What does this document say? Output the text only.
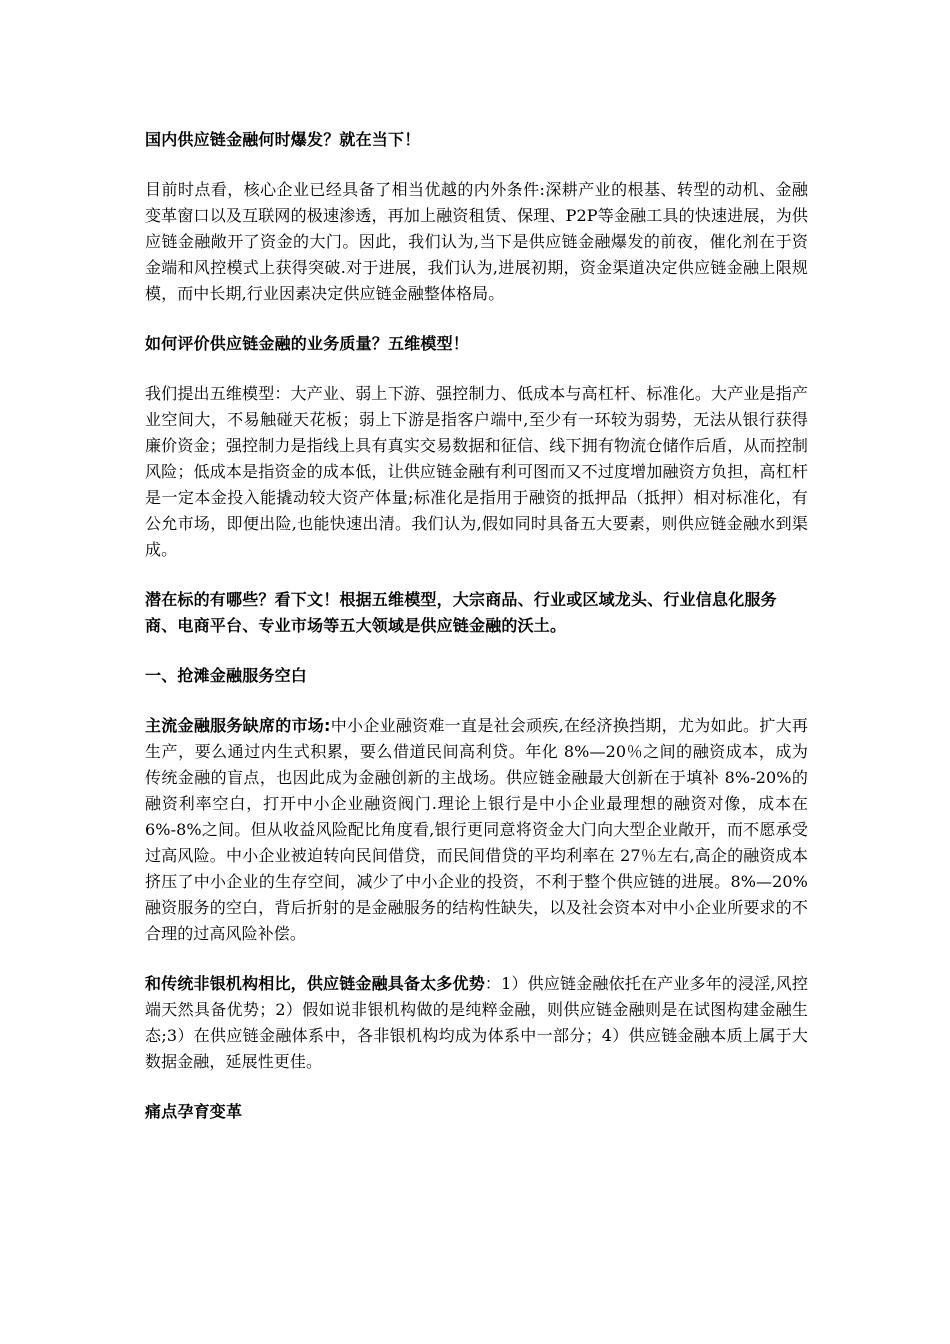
国内供应链金融何时爆发？就在当下！

目前时点看，核心企业已经具备了相当优越的内外条件:深耕产业的根基、转型的动机、金融变革窗口以及互联网的极速渗透，再加上融资租赁、保理、P2P等金融工具的快速进展，为供应链金融敞开了资金的大门。因此，我们认为,当下是供应链金融爆发的前夜，催化剂在于资金端和风控模式上获得突破.对于进展，我们认为,进展初期，资金渠道决定供应链金融上限规模，而中长期,行业因素决定供应链金融整体格局。

如何评价供应链金融的业务质量？五维模型！

我们提出五维模型：大产业、弱上下游、强控制力、低成本与高杠杆、标准化。大产业是指产业空间大，不易触碰天花板；弱上下游是指客户端中,至少有一环较为弱势，无法从银行获得廉价资金；强控制力是指线上具有真实交易数据和征信、线下拥有物流仓储作后盾，从而控制风险；低成本是指资金的成本低，让供应链金融有利可图而又不过度增加融资方负担，高杠杆是一定本金投入能撬动较大资产体量;标准化是指用于融资的抵押品（抵押）相对标准化，有公允市场，即便出险,也能快速出清。我们认为,假如同时具备五大要素，则供应链金融水到渠成。

潜在标的有哪些？看下文！根据五维模型，大宗商品、行业或区域龙头、行业信息化服务商、电商平台、专业市场等五大领域是供应链金融的沃土。

一、抢滩金融服务空白

主流金融服务缺席的市场:中小企业融资难一直是社会顽疾,在经济换挡期，尤为如此。扩大再生产，要么通过内生式积累，要么借道民间高利贷。年化 8%—20％之间的融资成本，成为传统金融的盲点，也因此成为金融创新的主战场。供应链金融最大创新在于填补 8%-20%的融资利率空白，打开中小企业融资阀门.理论上银行是中小企业最理想的融资对像，成本在 6%-8%之间。但从收益风险配比角度看,银行更同意将资金大门向大型企业敞开，而不愿承受过高风险。中小企业被迫转向民间借贷，而民间借贷的平均利率在 27％左右,高企的融资成本挤压了中小企业的生存空间，减少了中小企业的投资，不利于整个供应链的进展。8%—20%融资服务的空白，背后折射的是金融服务的结构性缺失，以及社会资本对中小企业所要求的不合理的过高风险补偿。

和传统非银机构相比，供应链金融具备太多优势：1）供应链金融依托在产业多年的浸淫,风控端天然具备优势；2）假如说非银机构做的是纯粹金融，则供应链金融则是在试图构建金融生态;3）在供应链金融体系中，各非银机构均成为体系中一部分；4）供应链金融本质上属于大数据金融，延展性更佳。

痛点孕育变革
